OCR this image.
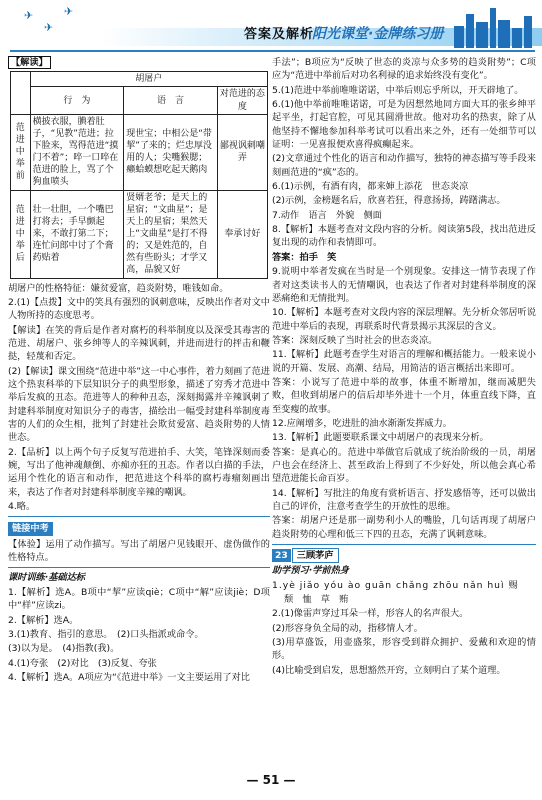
✈
✈
✈
答案及解析
阳光课堂·金牌练习册
【解读】
	胡屠户		
	行　为	语　言	对范进的态度
范进中举前	横披衣服，腆着肚子，“见教”范进；拉下脸来，骂得范进“摸门不着”；啐一口啐在范进的脸上，骂了个狗血喷头	现世宝；中相公是“带挈”了来的；烂忠厚没用的人；尖嘴猴腮；癞蛤蟆想吃起天鹅肉	鄙视讽刺嘲弄
范进中举后	壮一壮胆，一个嘴巴打将去；手早颤起来，不敢打第二下；连忙问郎中讨了个膏药贴着	贤婿老爷；是天上的星宿；“文曲星”；是天上的星宿；果然天上“文曲星”是打不得的；又是姓范的，自然有些盼头；才学又高，品貌又好	奉承讨好
胡屠户的性格特征：嫌贫爱富，趋炎附势，唯钱如命。
2.(1)【点拨】文中的笑具有强烈的讽刺意味，反映出作者对文中人物所持的态度思考。
【解读】在笑的背后是作者对腐朽的科举制度以及深受其毒害的范进、胡屠户、张乡绅等人的辛辣讽刺，并进而进行的抨击和鞭挞，轻蔑和否定。
(2)【解读】课文围绕“范进中举”这一中心事件，着力刻画了范进这个热衷科举的下层知识分子的典型形象，描述了穷秀才范进中举后发疯的丑态。范进等人的种种丑态，深刻揭露并辛辣讽刺了封建科举制度对知识分子的毒害，描绘出一幅受封建科举制度毒害的人们的众生相，批判了封建社会欺贫爱富、趋炎附势的人情世态。
2.【品析】以上两个句子反复写范进拍手、大笑，笔锋深刻而委婉，写出了他神魂颠倒、亦痴亦狂的丑态。作者以白描的手法，运用个性化的语言和动作，把范进这个科举的腐朽毒瘤刻画出来，表达了作者对封建科举制度辛辣的嘲讽。
4.略。
链接中考
【体验】运用了动作描写。写出了胡屠户见钱眼开、虚伪做作的性格特点。
课时训练·基础达标
1.【解析】选A。B项中“挈”应读qiè；C项中“解”应读jiè；D项中“样”应读zi。
2.【解析】选A。
3.(1)教育、指引的意思。　(2)口头指派或命令。
(3)以为是。　(4)指教(我)。
4.(1)夸张　(2)对比　(3)反复、夸张
4.【解析】选A。A项应为“《范进中举》一文主要运用了对比
手法”；B项应为“反映了世态的炎凉与众多势的趋炎附势”；C项应为“范进中举前后对功名利禄的追求始终没有变化”。
5.(1)范进中举前唯唯诺诺，中举后则忘乎所以，开天辟地了。
6.(1)他中举前唯唯诺诺，可是为因想然地同方面大耳的张乡绅平起平坐，打起官腔，可见其圆滑世故。他对功名的热衷，除了从他坚持不懈地参加科举考试可以看出来之外，还有一处细节可以证明：一见喜报便欢喜得疯癫起来。
(2)文章通过个性化的语言和动作描写，独特的神态描写等手段来刻画范进的“疯”态的。
6.(1)示例，有酒有肉，都来婶上添花　世态炎凉
(2)示例，金榜题名后，欣喜若狂，得意扬扬，踌躇满志。
7.动作　语言　外貌　侧面
8.【解析】本题考查对文段内容的分析。阅读第5段，找出范进反复出现的动作和表情即可。
答案：拍手　笑
9.说明中举者发疯在当时是一个别现象。安排这一情节表现了作者对这类读书人的无情嘲讽，也表达了作者对封建科举制度的深恶痛绝和无情批判。
10.【解析】本题考查对文段内容的深层理解。先分析众邻居听说范进中举后的表现，再联系时代背景揭示其深层的含义。
答案：深刻反映了当时社会的世态炎凉。
11.【解析】此题考查学生对语言的理解和概括能力。一般来说小说的开篇、发展、高潮、结局，用简洁的语言概括出来即可。
答案：小说写了范进中举的故事，体重不断增加，继而减肥失败，但收到胡屠户的信后却毕外进十一个月，体重直线下降，直至变瘦的故事。
12.应阐增多，吃进肚的油水渐渐发挥威力。
13.【解析】此题要联系课文中胡屠户的表现来分析。
答案：是真心的。范进中举做官后就成了统治阶级的一员，胡屠户也会在经济上、甚至政治上得到了不少好处，所以他会真心希望范进能长命百岁。
14.【解析】写批注的角度有赏析语言、抒发感悟等，还可以做出自己的评价，注意考查学生的开放性的思维。
答案：胡屠户还是那一副势利小人的嘴脸，几句话再现了胡屠户趋炎附势的心理和低三下四的丑态，充满了讽刺意味。
23 三顾茅庐
助学预习·学前热身
1.yè jiǎo yóu ào guān chǎng zhōu nǎn huì 赐
颓　恤　草　贿
2.(1)像雷声穿过耳朵一样，形容人的名声很大。
(2)形容身负全局的动，指移情人才。
(3)用草盛饭，用壶盛浆，形容受到群众拥护、爱戴和欢迎的情形。
(4)比喻受到启发，思想豁然开窍，立刻明白了某个道理。
— 51 —
